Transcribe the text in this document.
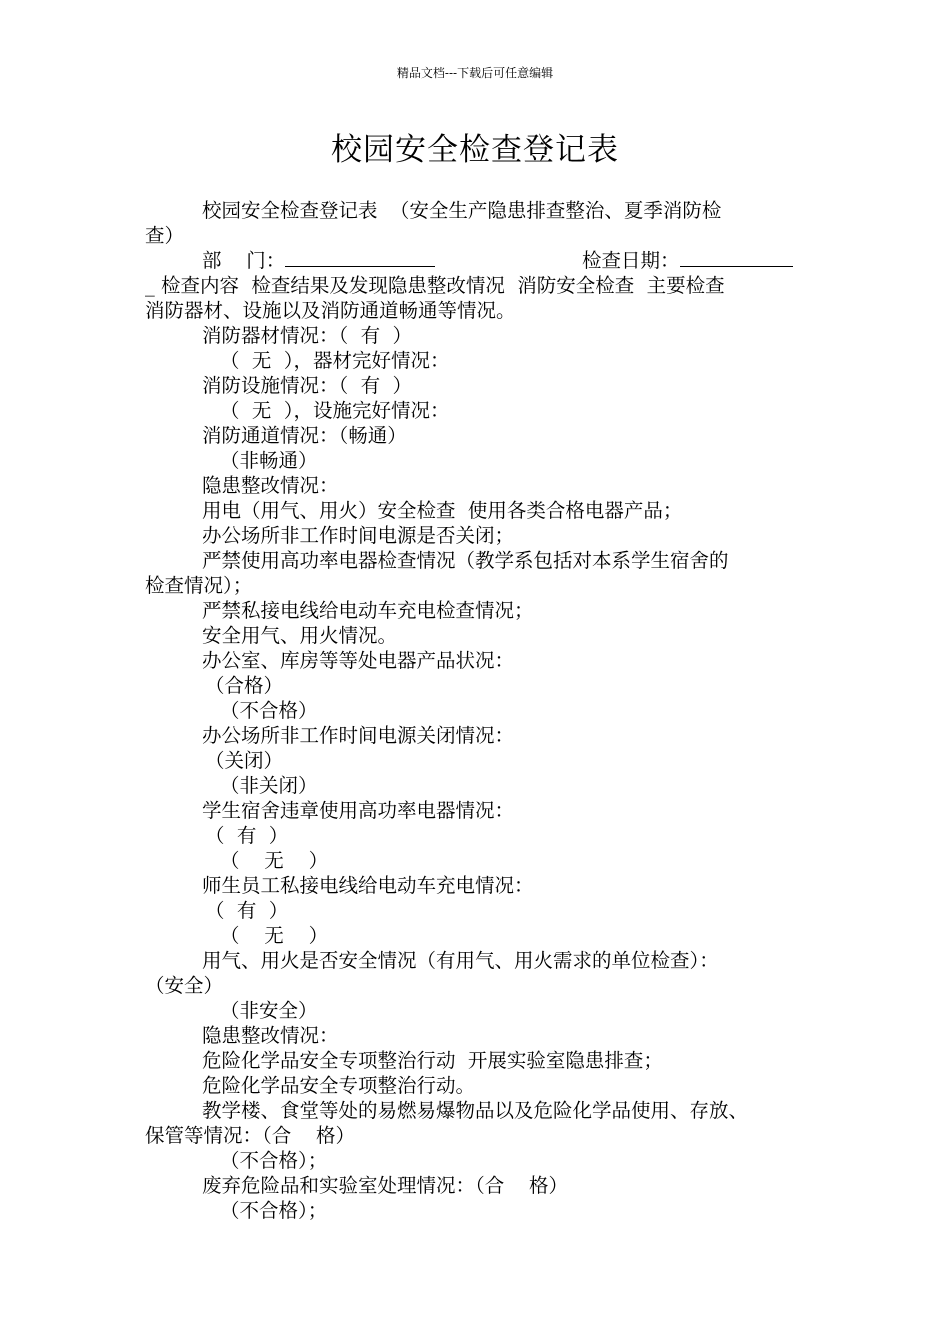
精品文档---下载后可任意编辑
校园安全检查登记表
校园安全检查登记表  （安全生产隐患排查整治、夏季消防检
查）
部    门：	检查日期：
_ 检查内容  检查结果及发现隐患整改情况  消防安全检查  主要检查
消防器材、设施以及消防通道畅通等情况。
消防器材情况：（  有  ）
（  无  ），器材完好情况：
消防设施情况：（  有  ）
（  无  ），设施完好情况：
消防通道情况：（畅通）
（非畅通）
隐患整改情况：
用电（用气、用火）安全检查  使用各类合格电器产品；
办公场所非工作时间电源是否关闭；
严禁使用高功率电器检查情况（教学系包括对本系学生宿舍的
检查情况）；
严禁私接电线给电动车充电检查情况；
安全用气、用火情况。
办公室、库房等等处电器产品状况：
（合格）
（不合格）
办公场所非工作时间电源关闭情况：
（关闭）
（非关闭）
学生宿舍违章使用高功率电器情况：
（  有  ）
（    无    ）
师生员工私接电线给电动车充电情况：
（  有  ）
（    无    ）
用气、用火是否安全情况（有用气、用火需求的单位检查）：
（安全）
（非安全）
隐患整改情况：
危险化学品安全专项整治行动  开展实验室隐患排查；
危险化学品安全专项整治行动。
教学楼、食堂等处的易燃易爆物品以及危险化学品使用、存放、
保管等情况：（合    格）
（不合格）；
废弃危险品和实验室处理情况：（合    格）
（不合格）；
